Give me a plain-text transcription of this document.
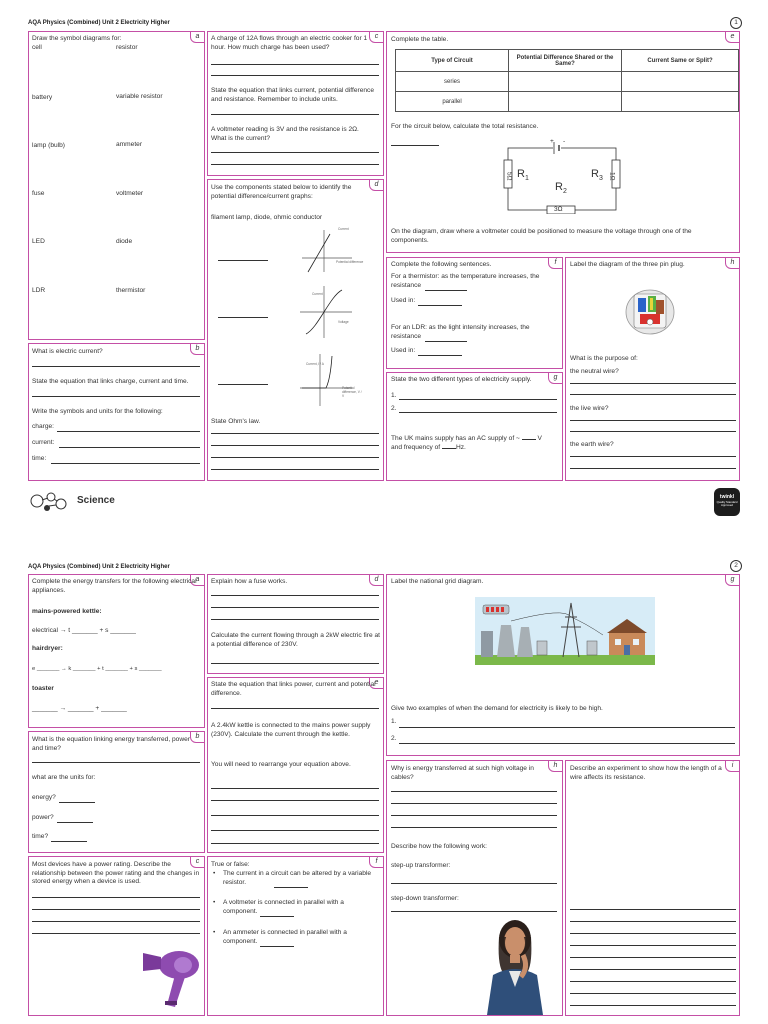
AQA Physics (Combined) Unit 2 Electricity Higher	1
a
Draw the symbol diagrams for:
cell	resistor
battery	variable resistor
lamp (bulb)	ammeter
fuse	voltmeter
LED	diode
LDR	thermistor
b
What is electric current?
State the equation that links charge, current and time.
Write the symbols and units for the following:
charge:
current:
time:
c
A charge of 12A flows through an electric cooker for 1 hour. How much charge has been used?
State the equation that links current, potential difference and resistance. Remember to include units.
A voltmeter reading is 3V and the resistance is 2Ω. What is the current?
d
Use the components stated below to identify the potential difference/current graphs:
filament lamp, diode, ohmic conductor
Current
Potential difference
Current
Voltage
Current, I / A
Potential difference, V / V
State Ohm's law.
e
Complete the table.
Type of Circuit	Potential Difference Shared or the Same?	Current Same or Split?
series		
parallel		
For the circuit below, calculate the total resistance.
+ -
5Ω $R_1$
$R_2$
3Ω
$R_3$ 1Ω
On the diagram, draw where a voltmeter could be positioned to measure the voltage through one of the components.
f
Complete the following sentences.
For a thermistor: as the temperature increases, the resistance
Used in:
For an LDR: as the light intensity increases, the resistance
Used in:
g
State the two different types of electricity supply.
1.
2.
The UK mains supply has an AC supply of ~	V
and frequency of Hz.
h
Label the diagram of the three pin plug.
What is the purpose of:
the neutral wire?
the live wire?
the earth wire?
Science	twinkl
Quality Standard Approved
AQA Physics (Combined) Unit 2 Electricity Higher	2
a
Complete the energy transfers for the following electrical appliances.
mains-powered kettle:
electrical → t _______ + s _______
hairdryer:
e _______ → k _______ + t _______ + s _______
toaster
_______ → _______ + _______
b
What is the equation linking energy transferred, power and time?
what are the units for:
energy?
power?
time?
c
Most devices have a power rating. Describe the relationship between the power rating and the changes in stored energy when a device is used.
d
Explain how a fuse works.
Calculate the current flowing through a 2kW electric fire at a potential difference of 230V.
e
State the equation that links power, current and potential difference.
A 2.4kW kettle is connected to the mains power supply (230V). Calculate the current through the kettle.
You will need to rearrange your equation above.
f
True or false:
• The current in a circuit can be altered by a variable resistor.
• A voltmeter is connected in parallel with a component.
• An ammeter is connected in parallel with a component.
g
Label the national grid diagram.
Give two examples of when the demand for electricity is likely to be high.
1.
2.
h
Why is energy transferred at such high voltage in cables?
Describe how the following work:
step-up transformer:
step-down transformer:
i
Describe an experiment to show how the length of a wire affects its resistance.
